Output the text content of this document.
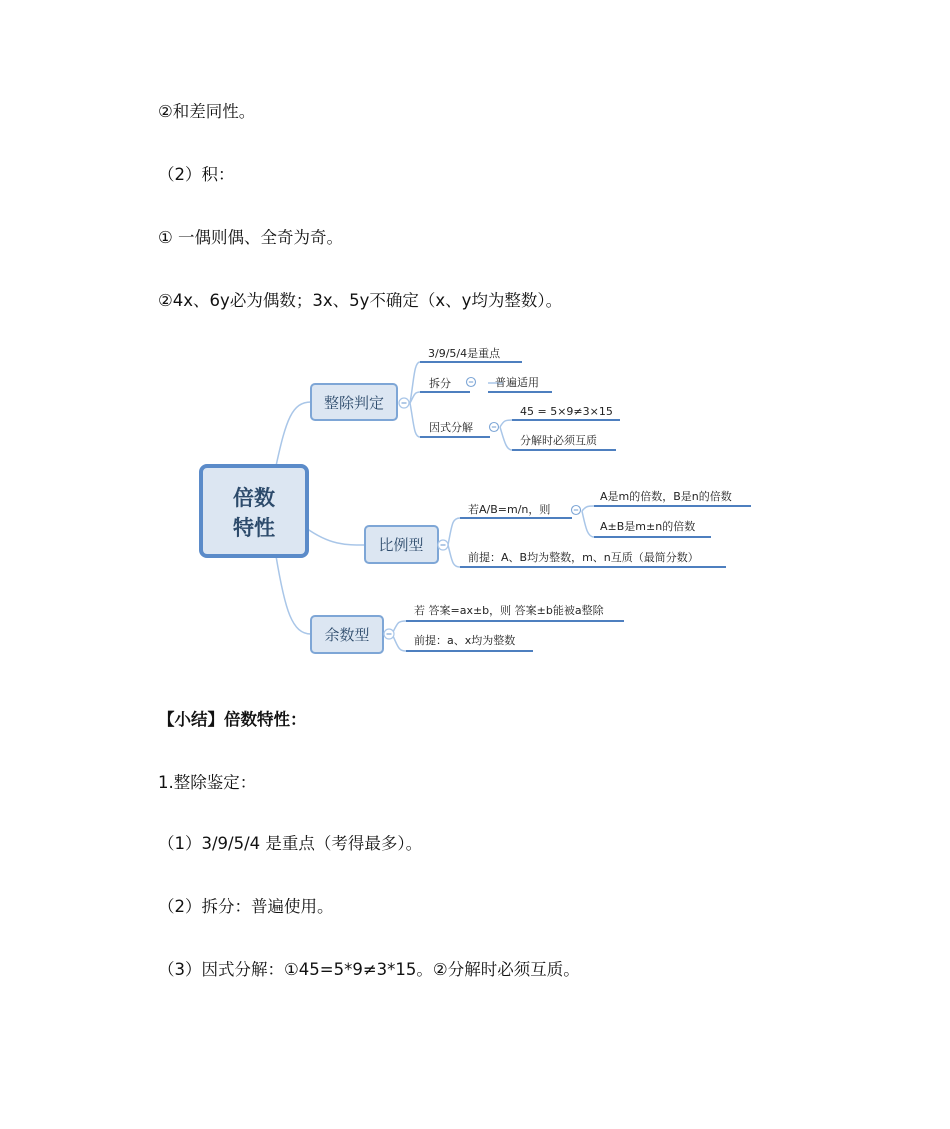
②和差同性。
（2）积：
① 一偶则偶、全奇为奇。
②4x、6y必为偶数；3x、5y不确定（x、y均为整数）。
倍数
特性
整除判定
3/9/5/4是重点
拆分	普遍适用
因式分解
45 = 5×9≠3×15
分解时必须互质
比例型
若A/B=m/n，则
A是m的倍数，B是n的倍数
A±B是m±n的倍数
前提：A、B均为整数，m、n互质（最简分数）
余数型
若 答案=ax±b，则 答案±b能被a整除
前提：a、x均为整数
【小结】倍数特性：
1.整除鉴定：
（1）3/9/5/4 是重点（考得最多）。
（2）拆分：普遍使用。
（3）因式分解：①45=5*9≠3*15。②分解时必须互质。
